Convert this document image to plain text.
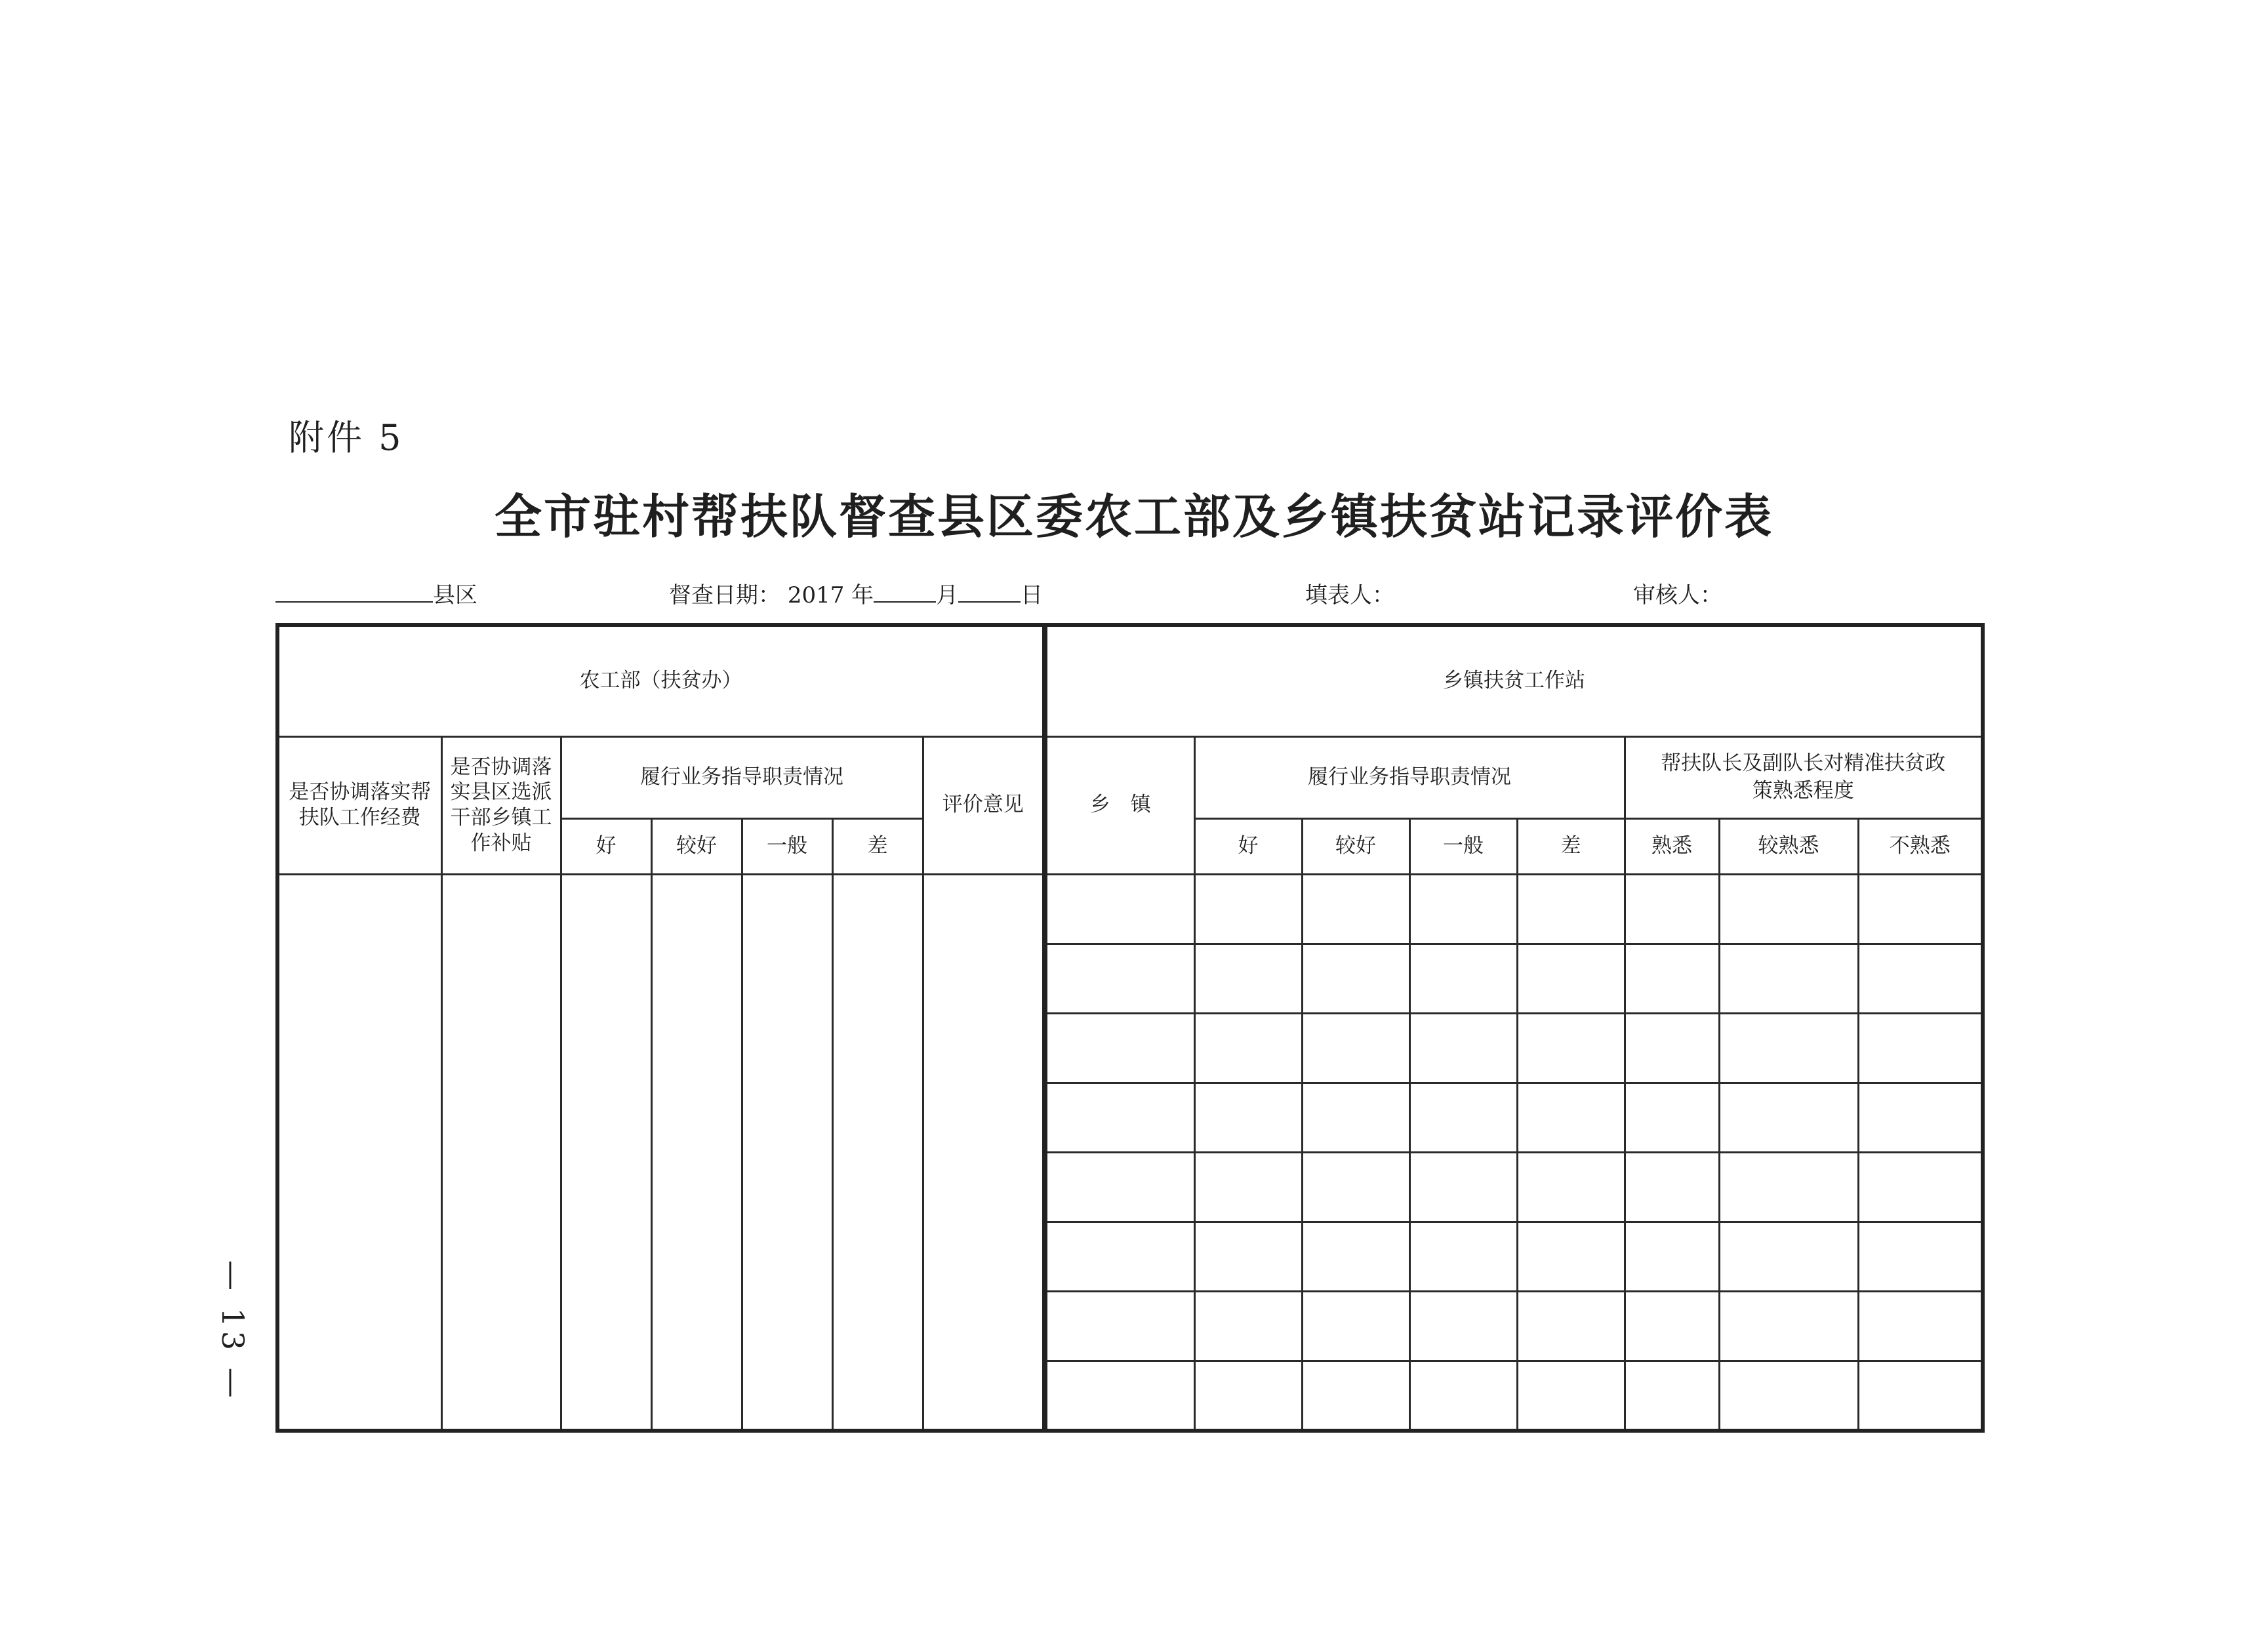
附件 5
全市驻村帮扶队督查县区委农工部及乡镇扶贫站记录评价表
县区	督查日期： 2017 年	月	日	填表人：	审核人：
农工部（扶贫办）							乡镇扶贫工作站							

是否协调落实帮扶队工作经费	是否协调落实县区选派干部乡镇工作补贴	履行业务指导职责情况				评价意见	乡　镇	履行业务指导职责情况				帮扶队长及副队长对精准扶贫政策熟悉程度		

		好	较好	一般	差			好	较好	一般	差	熟悉	较熟悉	不熟悉

— 13 —
